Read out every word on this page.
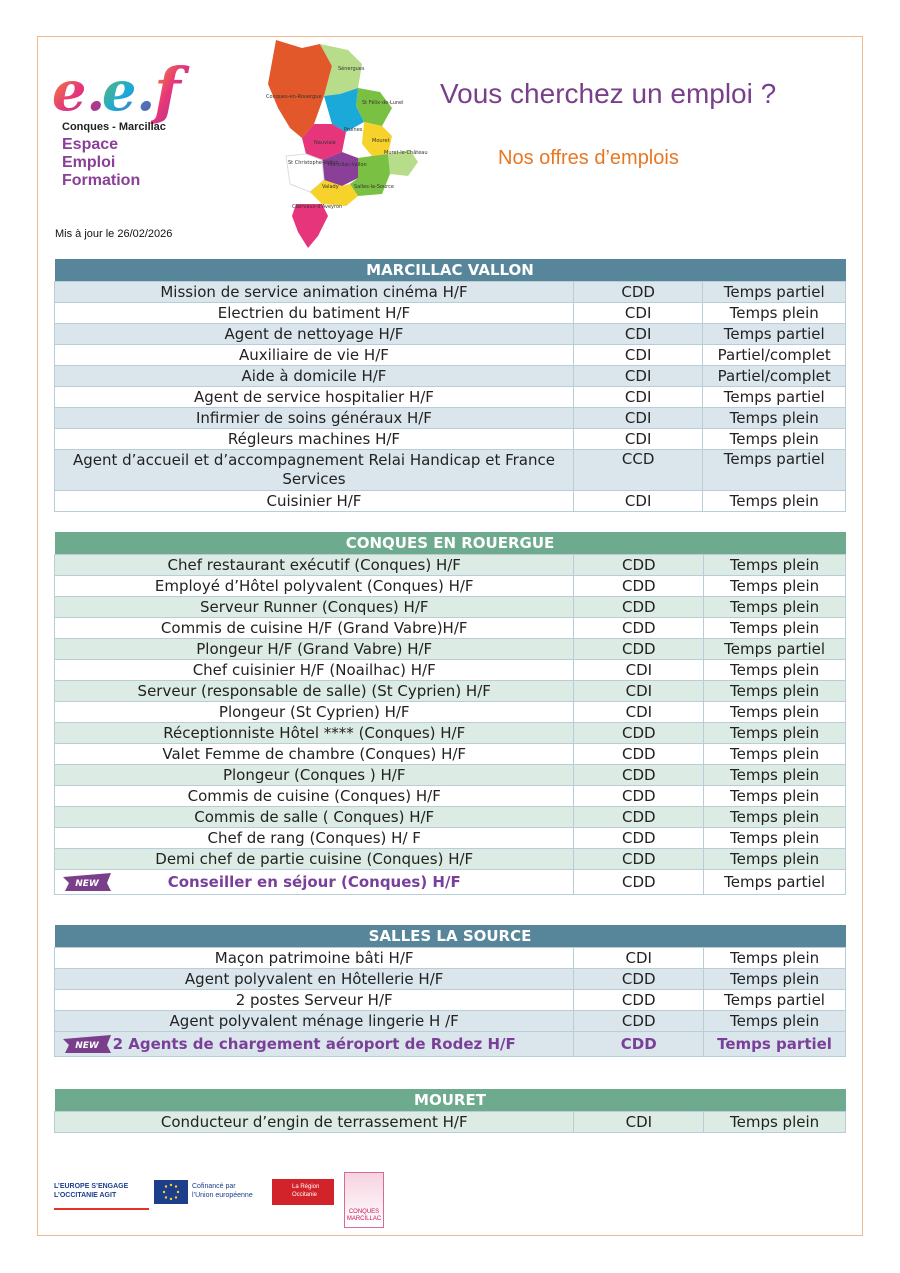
e.
e.
f
Conques - Marcillac
Espace
Emploi
Formation
Mis à jour le 26/02/2026
Sénergues
Conques-en-Rouergue
St Félix-de-Lunel
Pruines
Nauviale	Mouret
Muret-le-Château
St Christophe-Vallon
Marcillac-Vallon
Valady	Salles-la-Source
Clairvaux-d'Aveyron
Vous cherchez un emploi ?
Nos offres d’emplois
MARCILLAC VALLON		
Mission de service animation cinéma H/F	CDD	Temps partiel
Electrien du batiment H/F	CDI	Temps plein
Agent de nettoyage H/F	CDI	Temps partiel
Auxiliaire de vie H/F	CDI	Partiel/complet
Aide à domicile H/F	CDI	Partiel/complet
Agent de service hospitalier H/F	CDI	Temps partiel
Infirmier de soins généraux H/F	CDI	Temps plein
Régleurs machines H/F	CDI	Temps plein
Agent d’accueil et d’accompagnement Relai Handicap et France Services	CCD	Temps partiel
Cuisinier H/F	CDI	Temps plein
CONQUES EN ROUERGUE		
Chef restaurant exécutif (Conques) H/F	CDD	Temps plein
Employé d’Hôtel polyvalent (Conques) H/F	CDD	Temps plein
Serveur Runner (Conques) H/F	CDD	Temps plein
Commis de cuisine H/F (Grand Vabre)H/F	CDD	Temps plein
Plongeur H/F (Grand Vabre) H/F	CDD	Temps partiel
Chef cuisinier H/F (Noailhac) H/F	CDI	Temps plein
Serveur (responsable de salle) (St Cyprien) H/F	CDI	Temps plein
Plongeur (St Cyprien) H/F	CDI	Temps plein
Réceptionniste Hôtel **** (Conques) H/F	CDD	Temps plein
Valet Femme de chambre (Conques) H/F	CDD	Temps plein
Plongeur (Conques ) H/F	CDD	Temps plein
Commis de cuisine (Conques) H/F	CDD	Temps plein
Commis de salle ( Conques) H/F	CDD	Temps plein
Chef de rang (Conques) H/ F	CDD	Temps plein
Demi chef de partie cuisine (Conques) H/F	CDD	Temps plein

NEW Conseiller en séjour (Conques) H/F	CDD	Temps partiel
SALLES LA SOURCE		
Maçon patrimoine bâti H/F	CDI	Temps plein
Agent polyvalent en Hôtellerie H/F	CDD	Temps plein
2 postes Serveur H/F	CDD	Temps partiel
Agent polyvalent ménage lingerie H /F	CDD	Temps plein

NEW 2 Agents de chargement aéroport de Rodez H/F	CDD	Temps partiel
MOURET
Conducteur d’engin de terrassement H/F	CDI	Temps plein
L’EUROPE S’ENGAGE
L’OCCITANIE AGIT
Cofinancé par
l’Union européenne
La Région
Occitanie
CONQUES
MARCILLAC
